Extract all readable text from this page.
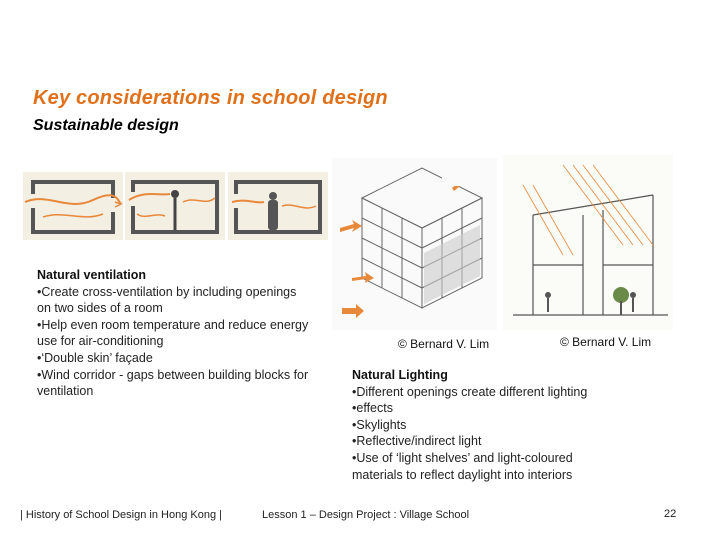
Key considerations in school design
Sustainable design
© Bernard V. Lim	© Bernard V. Lim
Natural ventilation
•Create cross-ventilation by including openings
on two sides of a room
•Help even room temperature and reduce energy
use for air-conditioning
•‘Double skin’ façade
•Wind corridor - gaps between building blocks for
ventilation
Natural Lighting
•Different openings create different lighting
•effects
•Skylights
•Reflective/indirect light
•Use of ‘light shelves’ and light-coloured
materials to reflect daylight into interiors
| History of School Design in Hong Kong |	Lesson 1 – Design Project : Village School	22
